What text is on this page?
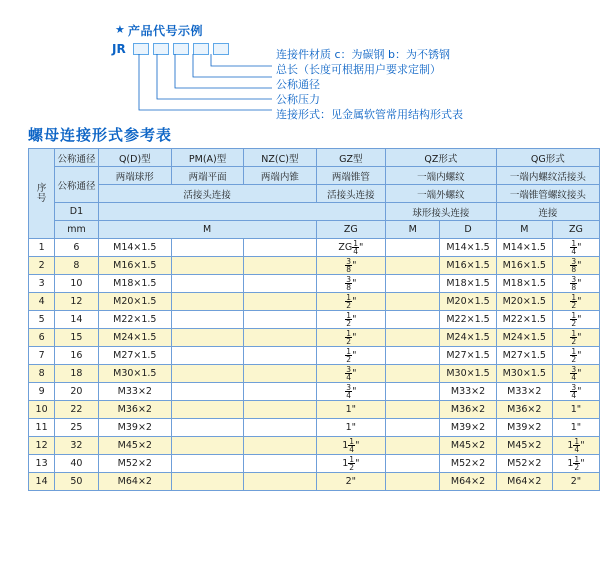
★ 产品代号示例
JR	连接件材质 c：为碳钢 b：为不锈钢
总长（长度可根据用户要求定制）
公称通径
公称压力
连接形式：见金属软管常用结构形式表
螺母连接形式参考表
序
号	公称通径	Q(D)型	PM(A)型	NZ(C)型	GZ型	QZ形式		QG形式	
	公称通径	两端球形	两端平面	两端内锥	两端锥管	一端内螺纹		一端内螺纹活接头	
		活接头连接			活接头连接	一端外螺纹		一端锥管螺纹接头	
	D1					球形接头连接		连接	
	mm	M			ZG	M	D	M	ZG
1	6	M14×1.5			ZG $\frac{1}{4}$ "		M14×1.5	M14×1.5	$\frac{1}{4}$ "
2	8	M16×1.5			$\frac{3}{8}$ "		M16×1.5	M16×1.5	$\frac{3}{8}$ "
3	10	M18×1.5			$\frac{3}{8}$ "		M18×1.5	M18×1.5	$\frac{3}{8}$ "
4	12	M20×1.5			$\frac{1}{2}$ "		M20×1.5	M20×1.5	$\frac{1}{2}$ "
5	14	M22×1.5			$\frac{1}{2}$ "		M22×1.5	M22×1.5	$\frac{1}{2}$ "
6	15	M24×1.5			$\frac{1}{2}$ "		M24×1.5	M24×1.5	$\frac{1}{2}$ "
7	16	M27×1.5			$\frac{1}{2}$ "		M27×1.5	M27×1.5	$\frac{1}{2}$ "
8	18	M30×1.5			$\frac{3}{4}$ "		M30×1.5	M30×1.5	$\frac{3}{4}$ "
9	20	M33×2			$\frac{3}{4}$ "		M33×2	M33×2	$\frac{3}{4}$ "
10	22	M36×2			1"		M36×2	M36×2	1"
11	25	M39×2			1"		M39×2	M39×2	1"
12	32	M45×2			$1 \frac{1}{4}$ "		M45×2	M45×2	$1 \frac{1}{4}$ "
13	40	M52×2			$1 \frac{1}{2}$ "		M52×2	M52×2	$1 \frac{1}{2}$ "
14	50	M64×2			2"		M64×2	M64×2	2"
